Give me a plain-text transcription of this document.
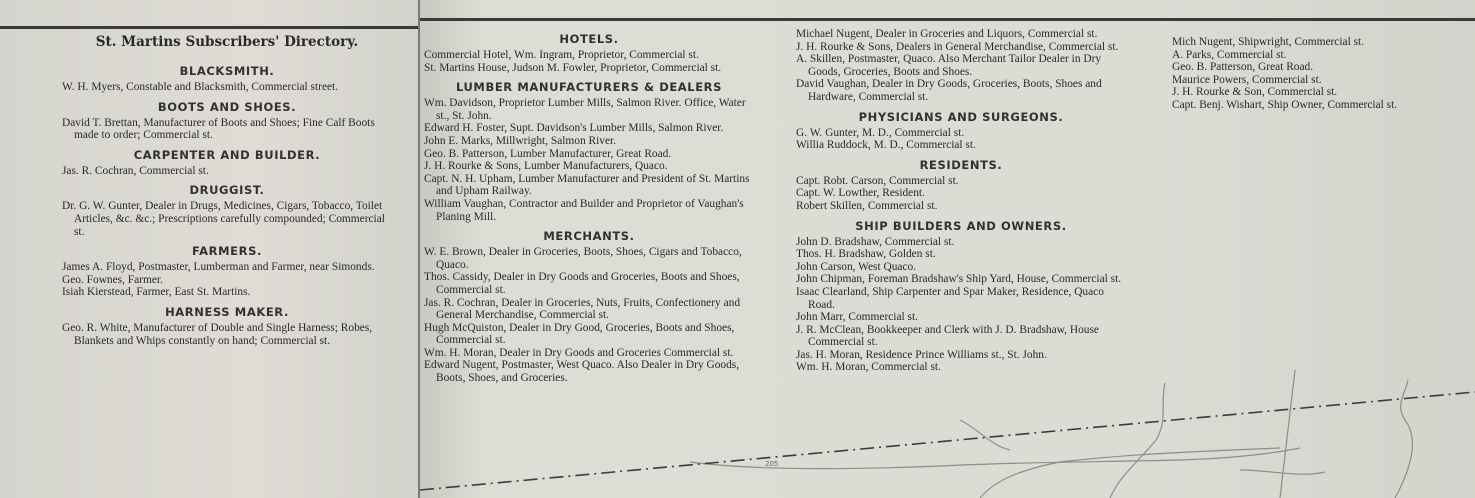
St. Martins Subscribers' Directory.
BLACKSMITH.

W. H. Myers, Constable and Blacksmith, Commercial street.

BOOTS AND SHOES.

David T. Brettan, Manufacturer of Boots and Shoes; Fine Calf Boots made to order; Commercial st.

CARPENTER AND BUILDER.

Jas. R. Cochran, Commercial st.

DRUGGIST.

Dr. G. W. Gunter, Dealer in Drugs, Medicines, Cigars, Tobacco, Toilet Articles, &c. &c.; Prescriptions carefully compounded; Commercial st.

FARMERS.

James A. Floyd, Postmaster, Lumberman and Farmer, near Simonds.

Geo. Fownes, Farmer.

Isiah Kierstead, Farmer, East St. Martins.

HARNESS MAKER.

Geo. R. White, Manufacturer of Double and Single Harness; Robes, Blankets and Whips constantly on hand; Commercial st.

205
HOTELS.

Commercial Hotel, Wm. Ingram, Proprietor, Commercial st.

St. Martins House, Judson M. Fowler, Proprietor, Commercial st.

LUMBER MANUFACTURERS & DEALERS

Wm. Davidson, Proprietor Lumber Mills, Salmon River. Office, Water st., St. John.

Edward H. Foster, Supt. Davidson's Lumber Mills, Salmon River.

John E. Marks, Millwright, Salmon River.

Geo. B. Patterson, Lumber Manufacturer, Great Road.

J. H. Rourke & Sons, Lumber Manufacturers, Quaco.

Capt. N. H. Upham, Lumber Manufacturer and President of St. Martins and Upham Railway.

William Vaughan, Contractor and Builder and Proprietor of Vaughan's Planing Mill.

MERCHANTS.

W. E. Brown, Dealer in Groceries, Boots, Shoes, Cigars and Tobacco, Quaco.

Thos. Cassidy, Dealer in Dry Goods and Groceries, Boots and Shoes, Commercial st.

Jas. R. Cochran, Dealer in Groceries, Nuts, Fruits, Confectionery and General Merchandise, Commercial st.

Hugh McQuiston, Dealer in Dry Good, Groceries, Boots and Shoes, Commercial st.

Wm. H. Moran, Dealer in Dry Goods and Groceries Commercial st.

Edward Nugent, Postmaster, West Quaco. Also Dealer in Dry Goods, Boots, Shoes, and Groceries.

Michael Nugent, Dealer in Groceries and Liquors, Commercial st.

J. H. Rourke & Sons, Dealers in General Merchandise, Commercial st.

A. Skillen, Postmaster, Quaco. Also Merchant Tailor Dealer in Dry Goods, Groceries, Boots and Shoes.

David Vaughan, Dealer in Dry Goods, Groceries, Boots, Shoes and Hardware, Commercial st.

PHYSICIANS AND SURGEONS.

G. W. Gunter, M. D., Commercial st.

Willia Ruddock, M. D., Commercial st.

RESIDENTS.

Capt. Robt. Carson, Commercial st.

Capt. W. Lowther, Resident.

Robert Skillen, Commercial st.

SHIP BUILDERS AND OWNERS.

John D. Bradshaw, Commercial st.

Thos. H. Bradshaw, Golden st.

John Carson, West Quaco.

John Chipman, Foreman Bradshaw's Ship Yard, House, Commercial st.

Isaac Clearland, Ship Carpenter and Spar Maker, Residence, Quaco Road.

John Marr, Commercial st.

J. R. McClean, Bookkeeper and Clerk with J. D. Bradshaw, House Commercial st.

Jas. H. Moran, Residence Prince Williams st., St. John.

Wm. H. Moran, Commercial st.

Mich Nugent, Shipwright, Commercial st.

A. Parks, Commercial st.

Geo. B. Patterson, Great Road.

Maurice Powers, Commercial st.

J. H. Rourke & Son, Commercial st.

Capt. Benj. Wishart, Ship Owner, Commercial st.
